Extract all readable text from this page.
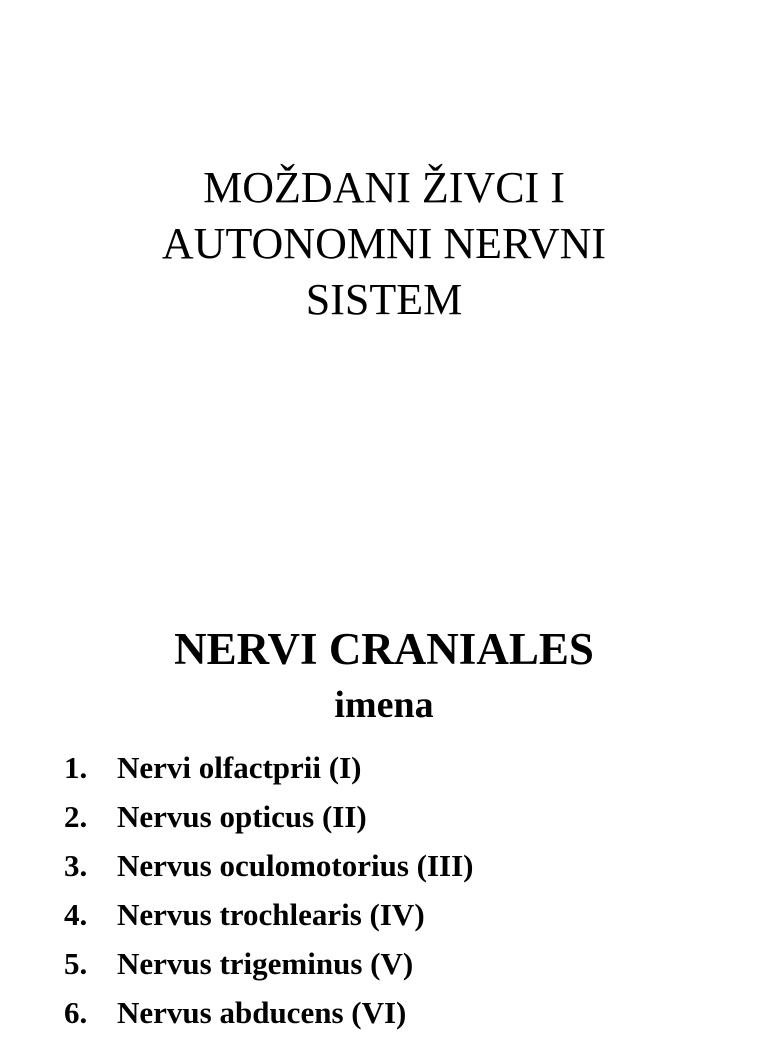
MOŽDANI ŽIVCI I
AUTONOMNI NERVNI
SISTEM
NERVI CRANIALES
imena
1. Nervi olfactprii (I)
2. Nervus opticus (II)
3. Nervus oculomotorius (III)
4. Nervus trochlearis (IV)
5. Nervus trigeminus (V)
6. Nervus abducens (VI)
